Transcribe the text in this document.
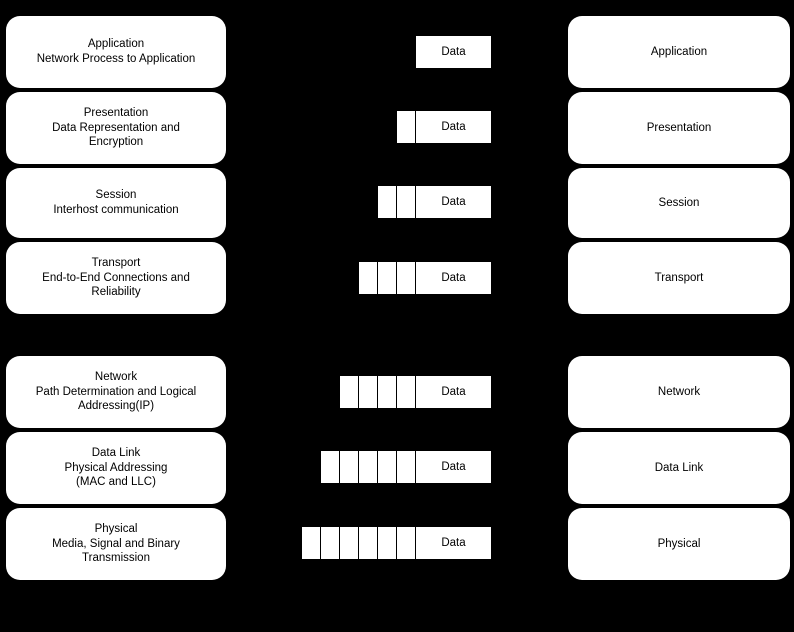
Application
Network Process to Application
Presentation
Data Representation and
Encryption
Session
Interhost communication
Transport
End-to-End Connections and
Reliability
Network
Path Determination and Logical
Addressing(IP)
Data Link
Physical Addressing
(MAC and LLC)
Physical
Media, Signal and Binary
Transmission
Data
Data
Data
Data
Data
Data
Data
Application
Presentation
Session
Transport
Network
Data Link
Physical
